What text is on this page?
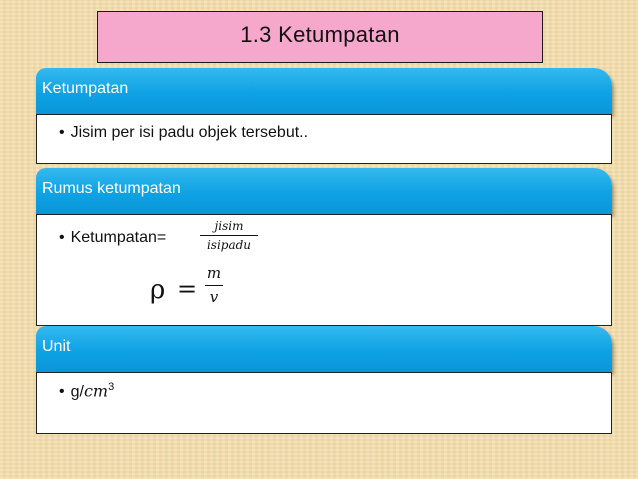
1.3 Ketumpatan
Ketumpatan
• Jisim per isi padu objek tersebut..
Rumus ketumpatan
• Ketumpatan=
jisim
isipadu
ρ =
m
v
Unit
• $g/cm^3$
